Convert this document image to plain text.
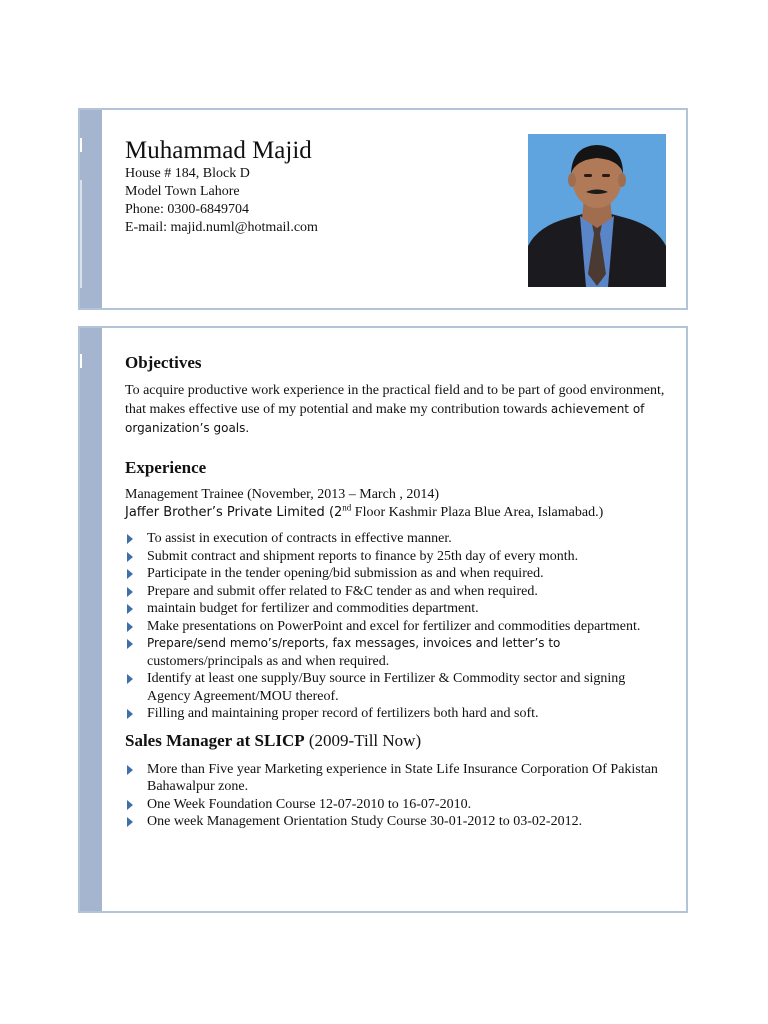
Muhammad Majid
House # 184, Block D
Model Town Lahore
Phone: 0300-6849704
E-mail: majid.numl@hotmail.com
Objectives

To acquire productive work experience in the practical field and to be part of good environment, that makes effective use of my potential and make my contribution towards achievement of organization’s goals.

Experience

Management Trainee (November, 2013 – March , 2014)

Jaffer Brother’s Private Limited (2nd Floor Kashmir Plaza Blue Area, Islamabad.)

To assist in execution of contracts in effective manner.
Submit contract and shipment reports to finance by 25th day of every month.
Participate in the tender opening/bid submission as and when required.
Prepare and submit offer related to F&C tender as and when required.
maintain budget for fertilizer and commodities department.
Make presentations on PowerPoint and excel for fertilizer and commodities department.
Prepare/send memo’s/reports, fax messages, invoices and letter’s to
customers/principals as and when required.
Identify at least one supply/Buy source in Fertilizer & Commodity sector and signing Agency Agreement/MOU thereof.
Filling and maintaining proper record of fertilizers both hard and soft.
Sales Manager at SLICP (2009-Till Now)
More than Five year Marketing experience in State Life Insurance Corporation Of Pakistan Bahawalpur zone.
One Week Foundation Course 12-07-2010 to 16-07-2010.
One week Management Orientation Study Course 30-01-2012 to 03-02-2012.
